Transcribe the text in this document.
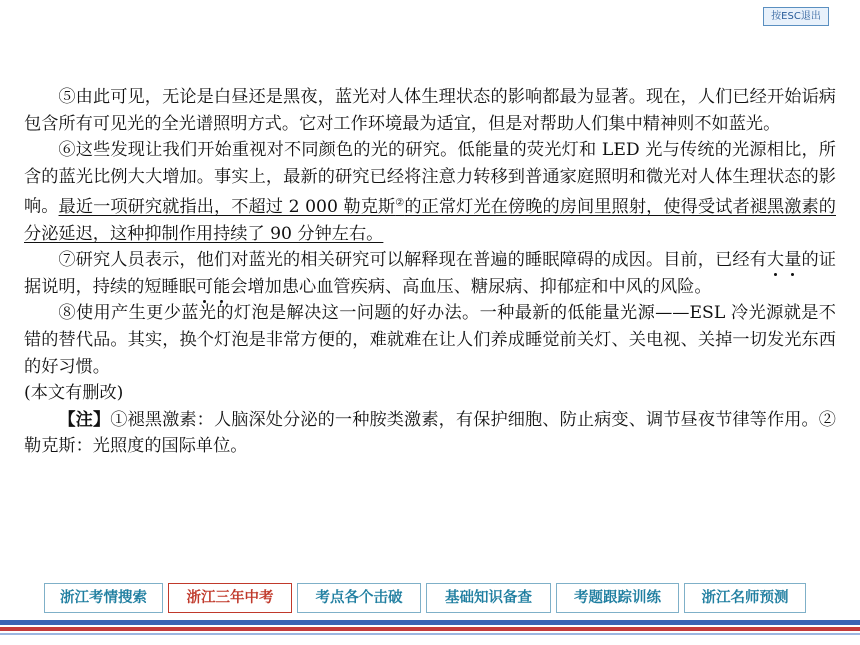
按ESC退出

⑤由此可见，无论是白昼还是黑夜，蓝光对人体生理状态的影响都最为显著。现在，人们已经开始诟病包含所有可见光的全光谱照明方式。它对工作环境最为适宜，但是对帮助人们集中精神则不如蓝光。

⑥这些发现让我们开始重视对不同颜色的光的研究。低能量的荧光灯和 LED 光与传统的光源相比，所含的蓝光比例大大增加。事实上，最新的研究已经将注意力转移到普通家庭照明和微光对人体生理状态的影响。最近一项研究就指出，不超过 2 000 勒克斯②的正常灯光在傍晚的房间里照射，使得受试者褪黑激素的分泌延迟，这种抑制作用持续了 90 分钟左右。

⑦研究人员表示，他们对蓝光的相关研究可以解释现在普遍的睡眠障碍的成因。目前，已经有大量的证据说明，持续的短睡眠可能会增加患心血管疾病、高血压、糖尿病、抑郁症和中风的风险。

⑧使用产生更少蓝光的灯泡是解决这一问题的好办法。一种最新的低能量光源——ESL 冷光源就是不错的替代品。其实，换个灯泡是非常方便的，难就难在让人们养成睡觉前关灯、关电视、关掉一切发光东西的好习惯。

(本文有删改)

【注】①褪黑激素：人脑深处分泌的一种胺类激素，有保护细胞、防止病变、调节昼夜节律等作用。②勒克斯：光照度的国际单位。

浙江考情搜索	浙江三年中考	考点各个击破	基础知识备查	考题跟踪训练	浙江名师预测
